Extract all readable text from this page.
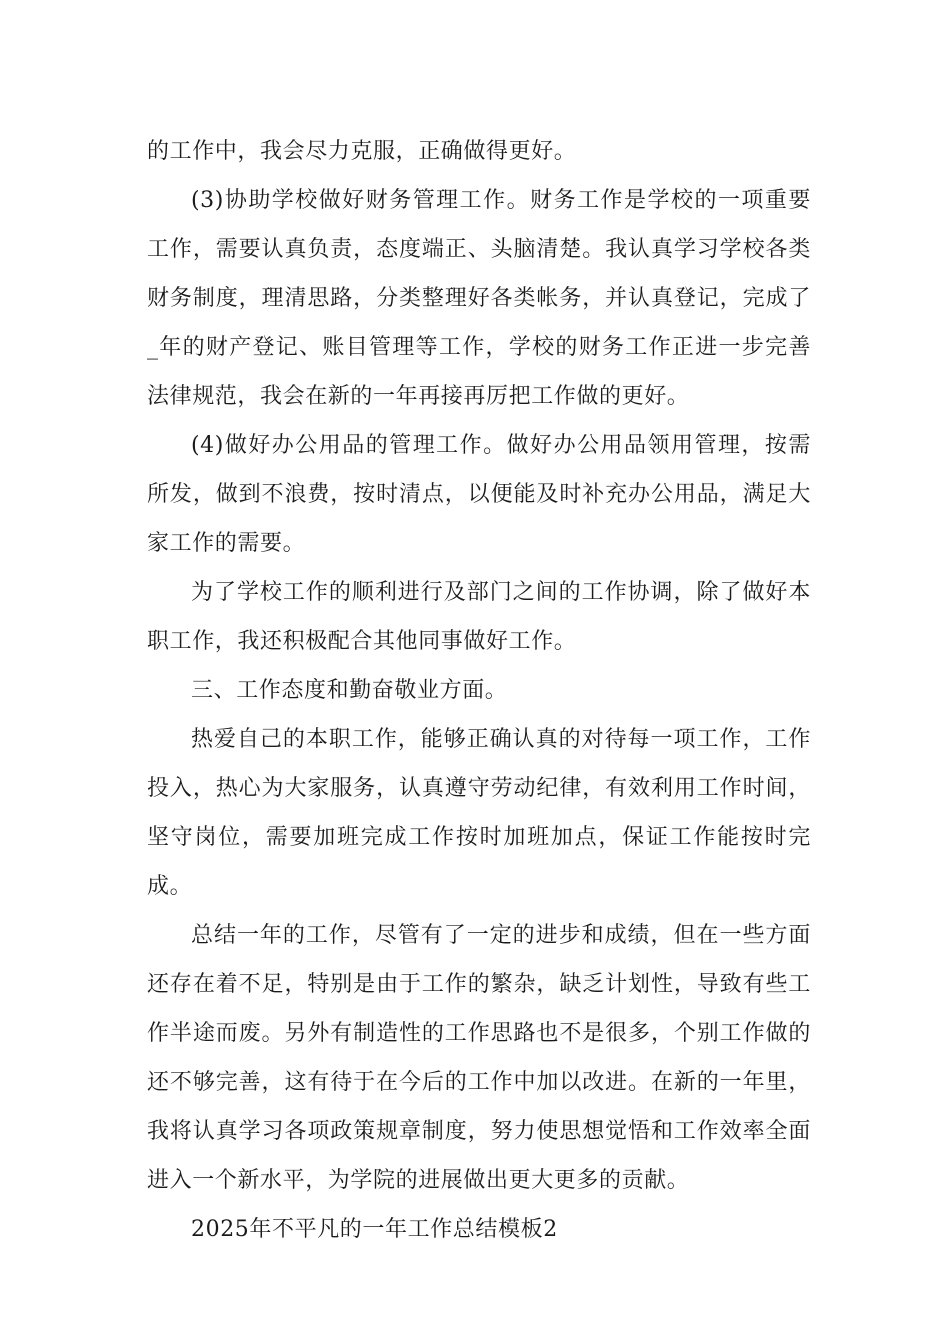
的工作中，我会尽力克服，正确做得更好。

(3)协助学校做好财务管理工作。财务工作是学校的一项重要工作，需要认真负责，态度端正、头脑清楚。我认真学习学校各类财务制度，理清思路，分类整理好各类帐务，并认真登记，完成了_年的财产登记、账目管理等工作，学校的财务工作正进一步完善法律规范，我会在新的一年再接再厉把工作做的更好。

(4)做好办公用品的管理工作。做好办公用品领用管理，按需所发，做到不浪费，按时清点，以便能及时补充办公用品，满足大家工作的需要。

为了学校工作的顺利进行及部门之间的工作协调，除了做好本职工作，我还积极配合其他同事做好工作。

三、工作态度和勤奋敬业方面。

热爱自己的本职工作，能够正确认真的对待每一项工作，工作投入，热心为大家服务，认真遵守劳动纪律，有效利用工作时间，坚守岗位，需要加班完成工作按时加班加点，保证工作能按时完成。

总结一年的工作，尽管有了一定的进步和成绩，但在一些方面还存在着不足，特别是由于工作的繁杂，缺乏计划性，导致有些工作半途而废。另外有制造性的工作思路也不是很多，个别工作做的还不够完善，这有待于在今后的工作中加以改进。在新的一年里，我将认真学习各项政策规章制度，努力使思想觉悟和工作效率全面进入一个新水平，为学院的进展做出更大更多的贡献。

2025年不平凡的一年工作总结模板2
